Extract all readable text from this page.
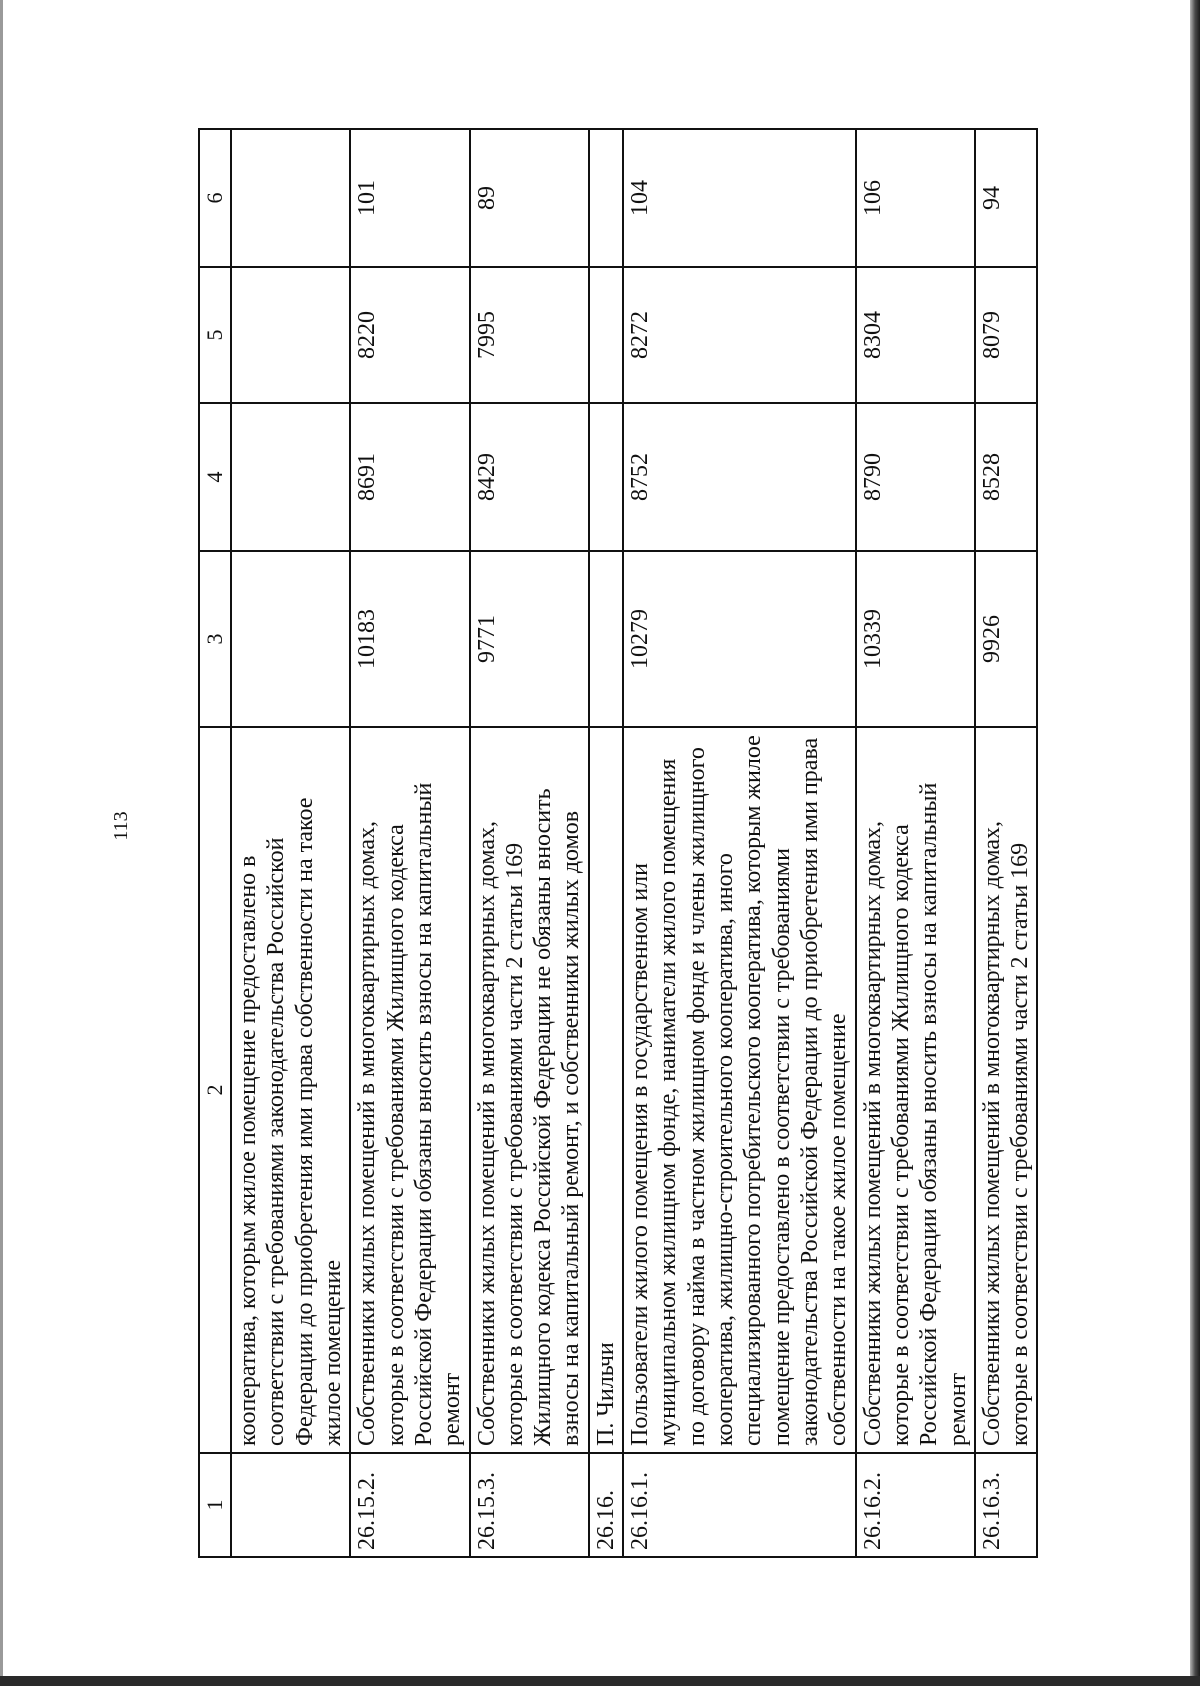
113
1	2	3	4	5	6
	кооператива, которым жилое помещение предоставлено в соответствии с требованиями законодательства Российской Федерации до приобретения ими права собственности на такое жилое помещение				
26.15.2.	Собственники жилых помещений в многоквартирных домах, которые в соответствии с требованиями Жилищного кодекса Российской Федерации обязаны вносить взносы на капитальный ремонт	10183	8691	8220	101
26.15.3.	Собственники жилых помещений в многоквартирных домах, которые в соответствии с требованиями части 2 статьи 169 Жилищного кодекса Российской Федерации не обязаны вносить взносы на капитальный ремонт, и собственники жилых домов	9771	8429	7995	89
26.16.	П. Чильчи				
26.16.1.	Пользователи жилого помещения в государственном или муниципальном жилищном фонде, наниматели жилого помещения по договору найма в частном жилищном фонде и члены жилищного кооператива, жилищно-строительного кооператива, иного специализированного потребительского кооператива, которым жилое помещение предоставлено в соответствии с требованиями законодательства Российской Федерации до приобретения ими права собственности на такое жилое помещение	10279	8752	8272	104
26.16.2.	Собственники жилых помещений в многоквартирных домах, которые в соответствии с требованиями Жилищного кодекса Российской Федерации обязаны вносить взносы на капитальный ремонт	10339	8790	8304	106
26.16.3.	Собственники жилых помещений в многоквартирных домах, которые в соответствии с требованиями части 2 статьи 169	9926	8528	8079	94
